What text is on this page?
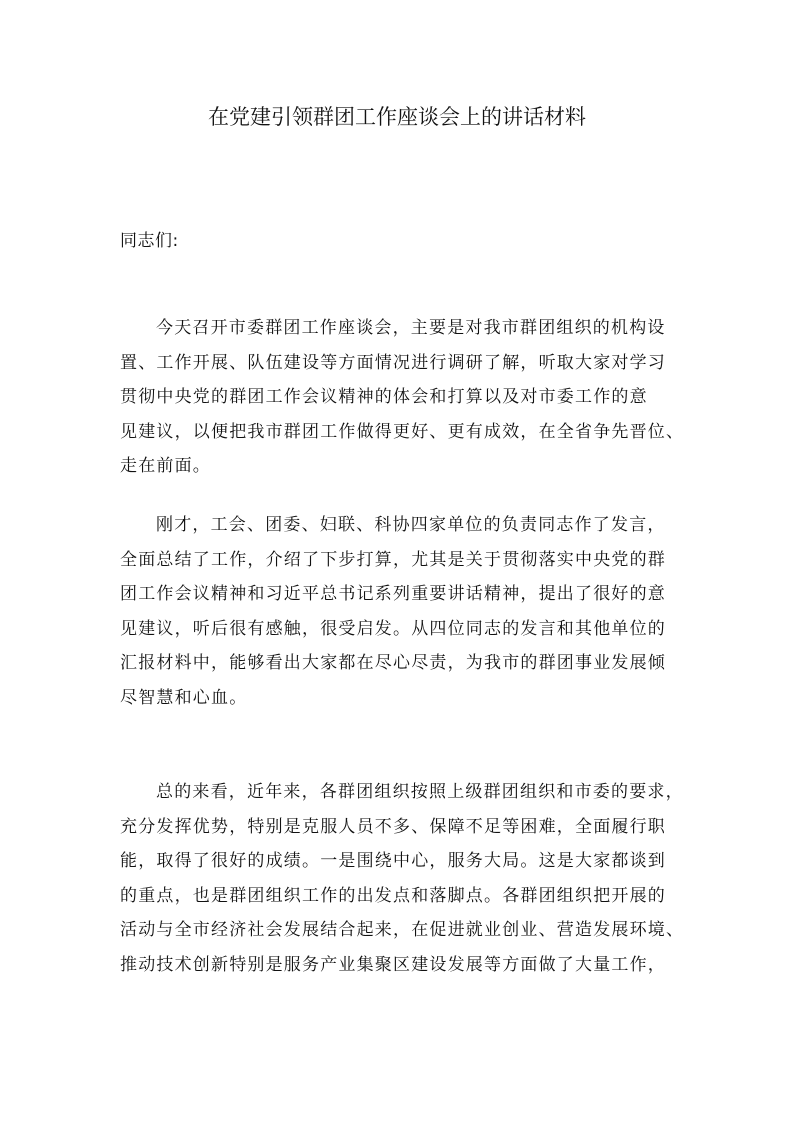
在党建引领群团工作座谈会上的讲话材料
同志们:
今天召开市委群团工作座谈会，主要是对我市群团组织的机构设
置、工作开展、队伍建设等方面情况进行调研了解，听取大家对学习
贯彻中央党的群团工作会议精神的体会和打算以及对市委工作的意
见建议，以便把我市群团工作做得更好、更有成效，在全省争先晋位、
走在前面。
刚才，工会、团委、妇联、科协四家单位的负责同志作了发言，
全面总结了工作，介绍了下步打算，尤其是关于贯彻落实中央党的群
团工作会议精神和习近平总书记系列重要讲话精神，提出了很好的意
见建议，听后很有感触，很受启发。从四位同志的发言和其他单位的
汇报材料中，能够看出大家都在尽心尽责，为我市的群团事业发展倾
尽智慧和心血。
总的来看，近年来，各群团组织按照上级群团组织和市委的要求，
充分发挥优势，特别是克服人员不多、保障不足等困难，全面履行职
能，取得了很好的成绩。一是围绕中心，服务大局。这是大家都谈到
的重点，也是群团组织工作的出发点和落脚点。各群团组织把开展的
活动与全市经济社会发展结合起来，在促进就业创业、营造发展环境、
推动技术创新特别是服务产业集聚区建设发展等方面做了大量工作，
